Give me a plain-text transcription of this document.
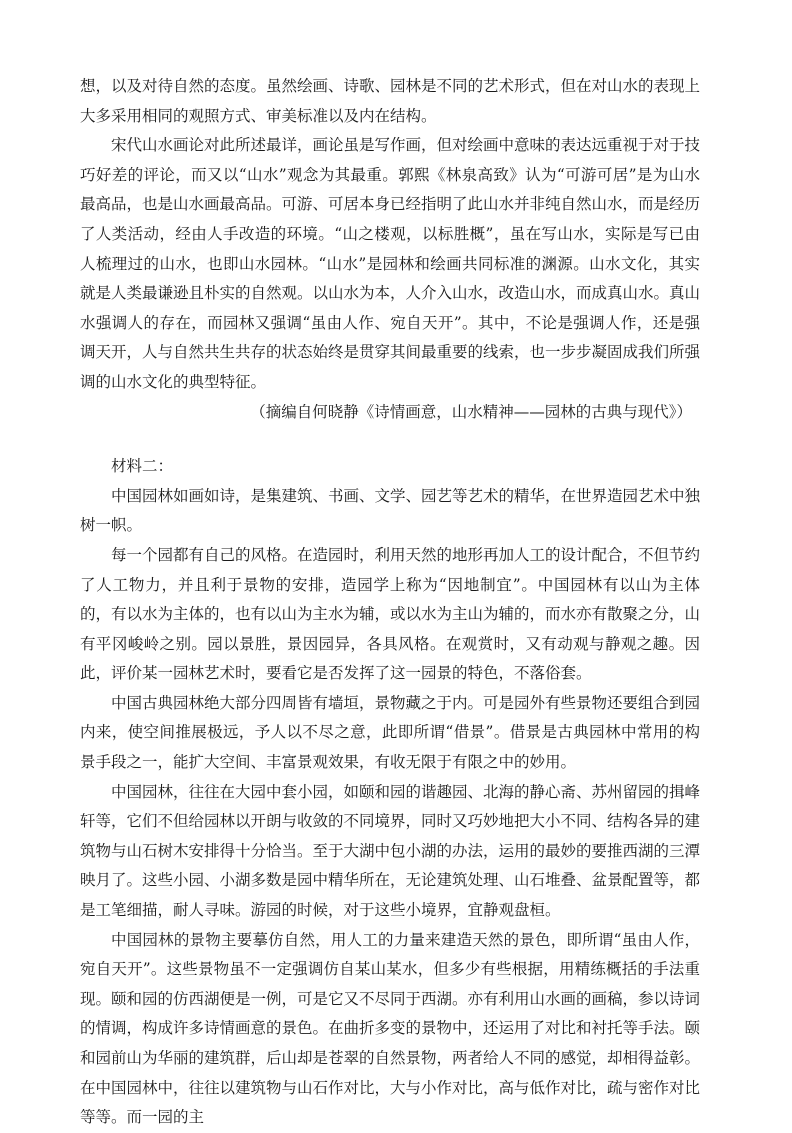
想，以及对待自然的态度。虽然绘画、诗歌、园林是不同的艺术形式，但在对山水的表现上大多采用相同的观照方式、审美标准以及内在结构。

宋代山水画论对此所述最详，画论虽是写作画，但对绘画中意味的表达远重视于对于技巧好差的评论，而又以“山水”观念为其最重。郭熙《林泉高致》认为“可游可居”是为山水最高品，也是山水画最高品。可游、可居本身已经指明了此山水并非纯自然山水，而是经历了人类活动，经由人手改造的环境。“山之楼观，以标胜概”，虽在写山水，实际是写已由人梳理过的山水，也即山水园林。“山水”是园林和绘画共同标准的渊源。山水文化，其实就是人类最谦逊且朴实的自然观。以山水为本，人介入山水，改造山水，而成真山水。真山水强调人的存在，而园林又强调“虽由人作、宛自天开”。其中，不论是强调人作，还是强调天开，人与自然共生共存的状态始终是贯穿其间最重要的线索，也一步步凝固成我们所强调的山水文化的典型特征。

（摘编自何晓静《诗情画意，山水精神——园林的古典与现代》）

材料二：

中国园林如画如诗，是集建筑、书画、文学、园艺等艺术的精华，在世界造园艺术中独树一帜。

每一个园都有自己的风格。在造园时，利用天然的地形再加人工的设计配合，不但节约了人工物力，并且利于景物的安排，造园学上称为“因地制宜”。中国园林有以山为主体的，有以水为主体的，也有以山为主水为辅，或以水为主山为辅的，而水亦有散聚之分，山有平冈峻岭之别。园以景胜，景因园异，各具风格。在观赏时，又有动观与静观之趣。因此，评价某一园林艺术时，要看它是否发挥了这一园景的特色，不落俗套。

中国古典园林绝大部分四周皆有墙垣，景物藏之于内。可是园外有些景物还要组合到园内来，使空间推展极远，予人以不尽之意，此即所谓“借景”。借景是古典园林中常用的构景手段之一，能扩大空间、丰富景观效果，有收无限于有限之中的妙用。

中国园林，往往在大园中套小园，如颐和园的谐趣园、北海的静心斋、苏州留园的揖峰轩等，它们不但给园林以开朗与收敛的不同境界，同时又巧妙地把大小不同、结构各异的建筑物与山石树木安排得十分恰当。至于大湖中包小湖的办法，运用的最妙的要推西湖的三潭映月了。这些小园、小湖多数是园中精华所在，无论建筑处理、山石堆叠、盆景配置等，都是工笔细描，耐人寻味。游园的时候，对于这些小境界，宜静观盘桓。

中国园林的景物主要摹仿自然，用人工的力量来建造天然的景色，即所谓“虽由人作，宛自天开”。这些景物虽不一定强调仿自某山某水，但多少有些根据，用精练概括的手法重现。颐和园的仿西湖便是一例，可是它又不尽同于西湖。亦有利用山水画的画稿，参以诗词的情调，构成许多诗情画意的景色。在曲折多变的景物中，还运用了对比和衬托等手法。颐和园前山为华丽的建筑群，后山却是苍翠的自然景物，两者给人不同的感觉，却相得益彰。在中国园林中，往往以建筑物与山石作对比，大与小作对比，高与低作对比，疏与密作对比等等。而一园的主
